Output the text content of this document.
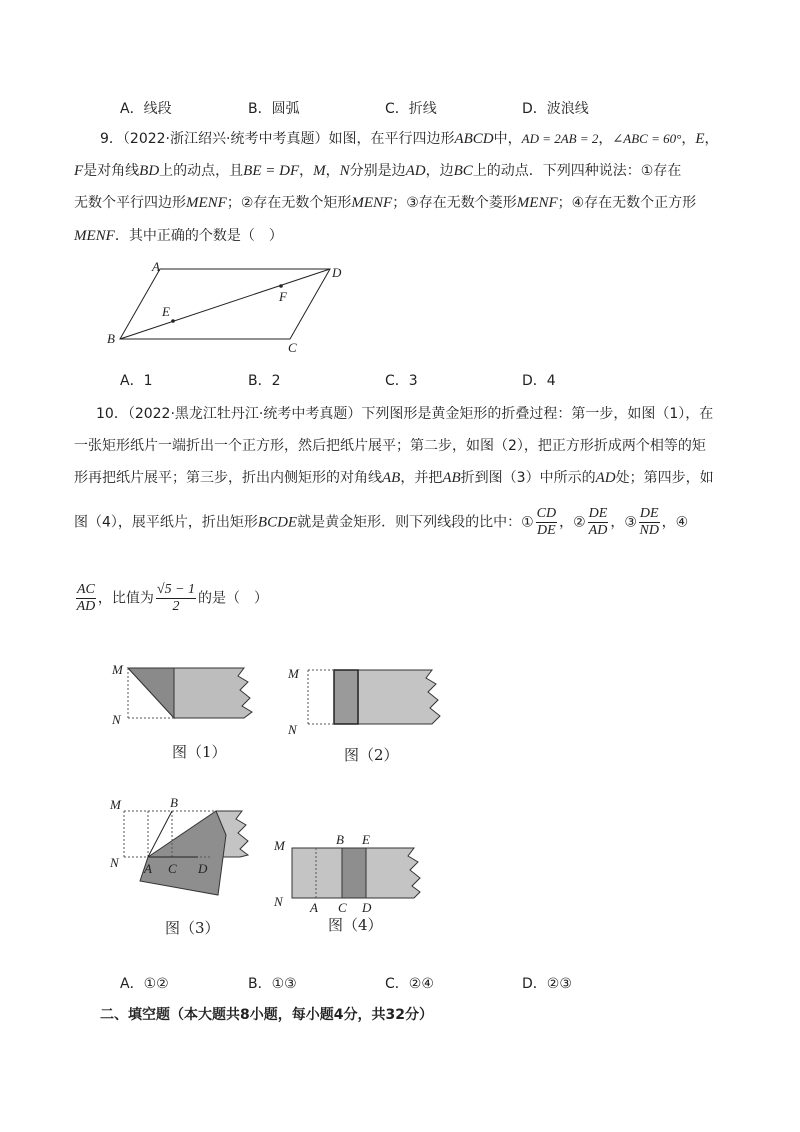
A．线段	B．圆弧	C．折线	D．波浪线
9．（2022·浙江绍兴·统考中考真题）如图，在平行四边形ABCD中，AD = 2AB = 2，∠ABC = 60°，E，
F是对角线BD上的动点，且BE = DF，M，N分别是边AD，边BC上的动点．下列四种说法：①存在
无数个平行四边形MENF；②存在无数个矩形MENF；③存在无数个菱形MENF；④存在无数个正方形
MENF．其中正确的个数是（　）
A	D
B
C
E
F
A．1	B．2	C．3	D．4
10．（2022·黑龙江牡丹江·统考中考真题）下列图形是黄金矩形的折叠过程：第一步，如图（1），在
一张矩形纸片一端折出一个正方形，然后把纸片展平；第二步，如图（2），把正方形折成两个相等的矩
形再把纸片展平；第三步，折出内侧矩形的对角线AB，并把AB折到图（3）中所示的AD处；第四步，如
图（4），展平纸片，折出矩形BCDE就是黄金矩形．则下列线段的比中：① $\frac{CD}{DE}$ ，② $\frac{DE}{AD}$ ，③ $\frac{DE}{ND}$ ，④
$\frac{AC}{AD}$ ，比值为 $\frac{√5 - 1}{2}$ 的是（　）
M
N
图（1）
M
N
图（2）
M
N
B
A C D
图（3）
M
N
B E
A C D
图（4）
A．①②	B．①③	C．②④	D．②③
二、填空题（本大题共8小题，每小题4分，共32分）
